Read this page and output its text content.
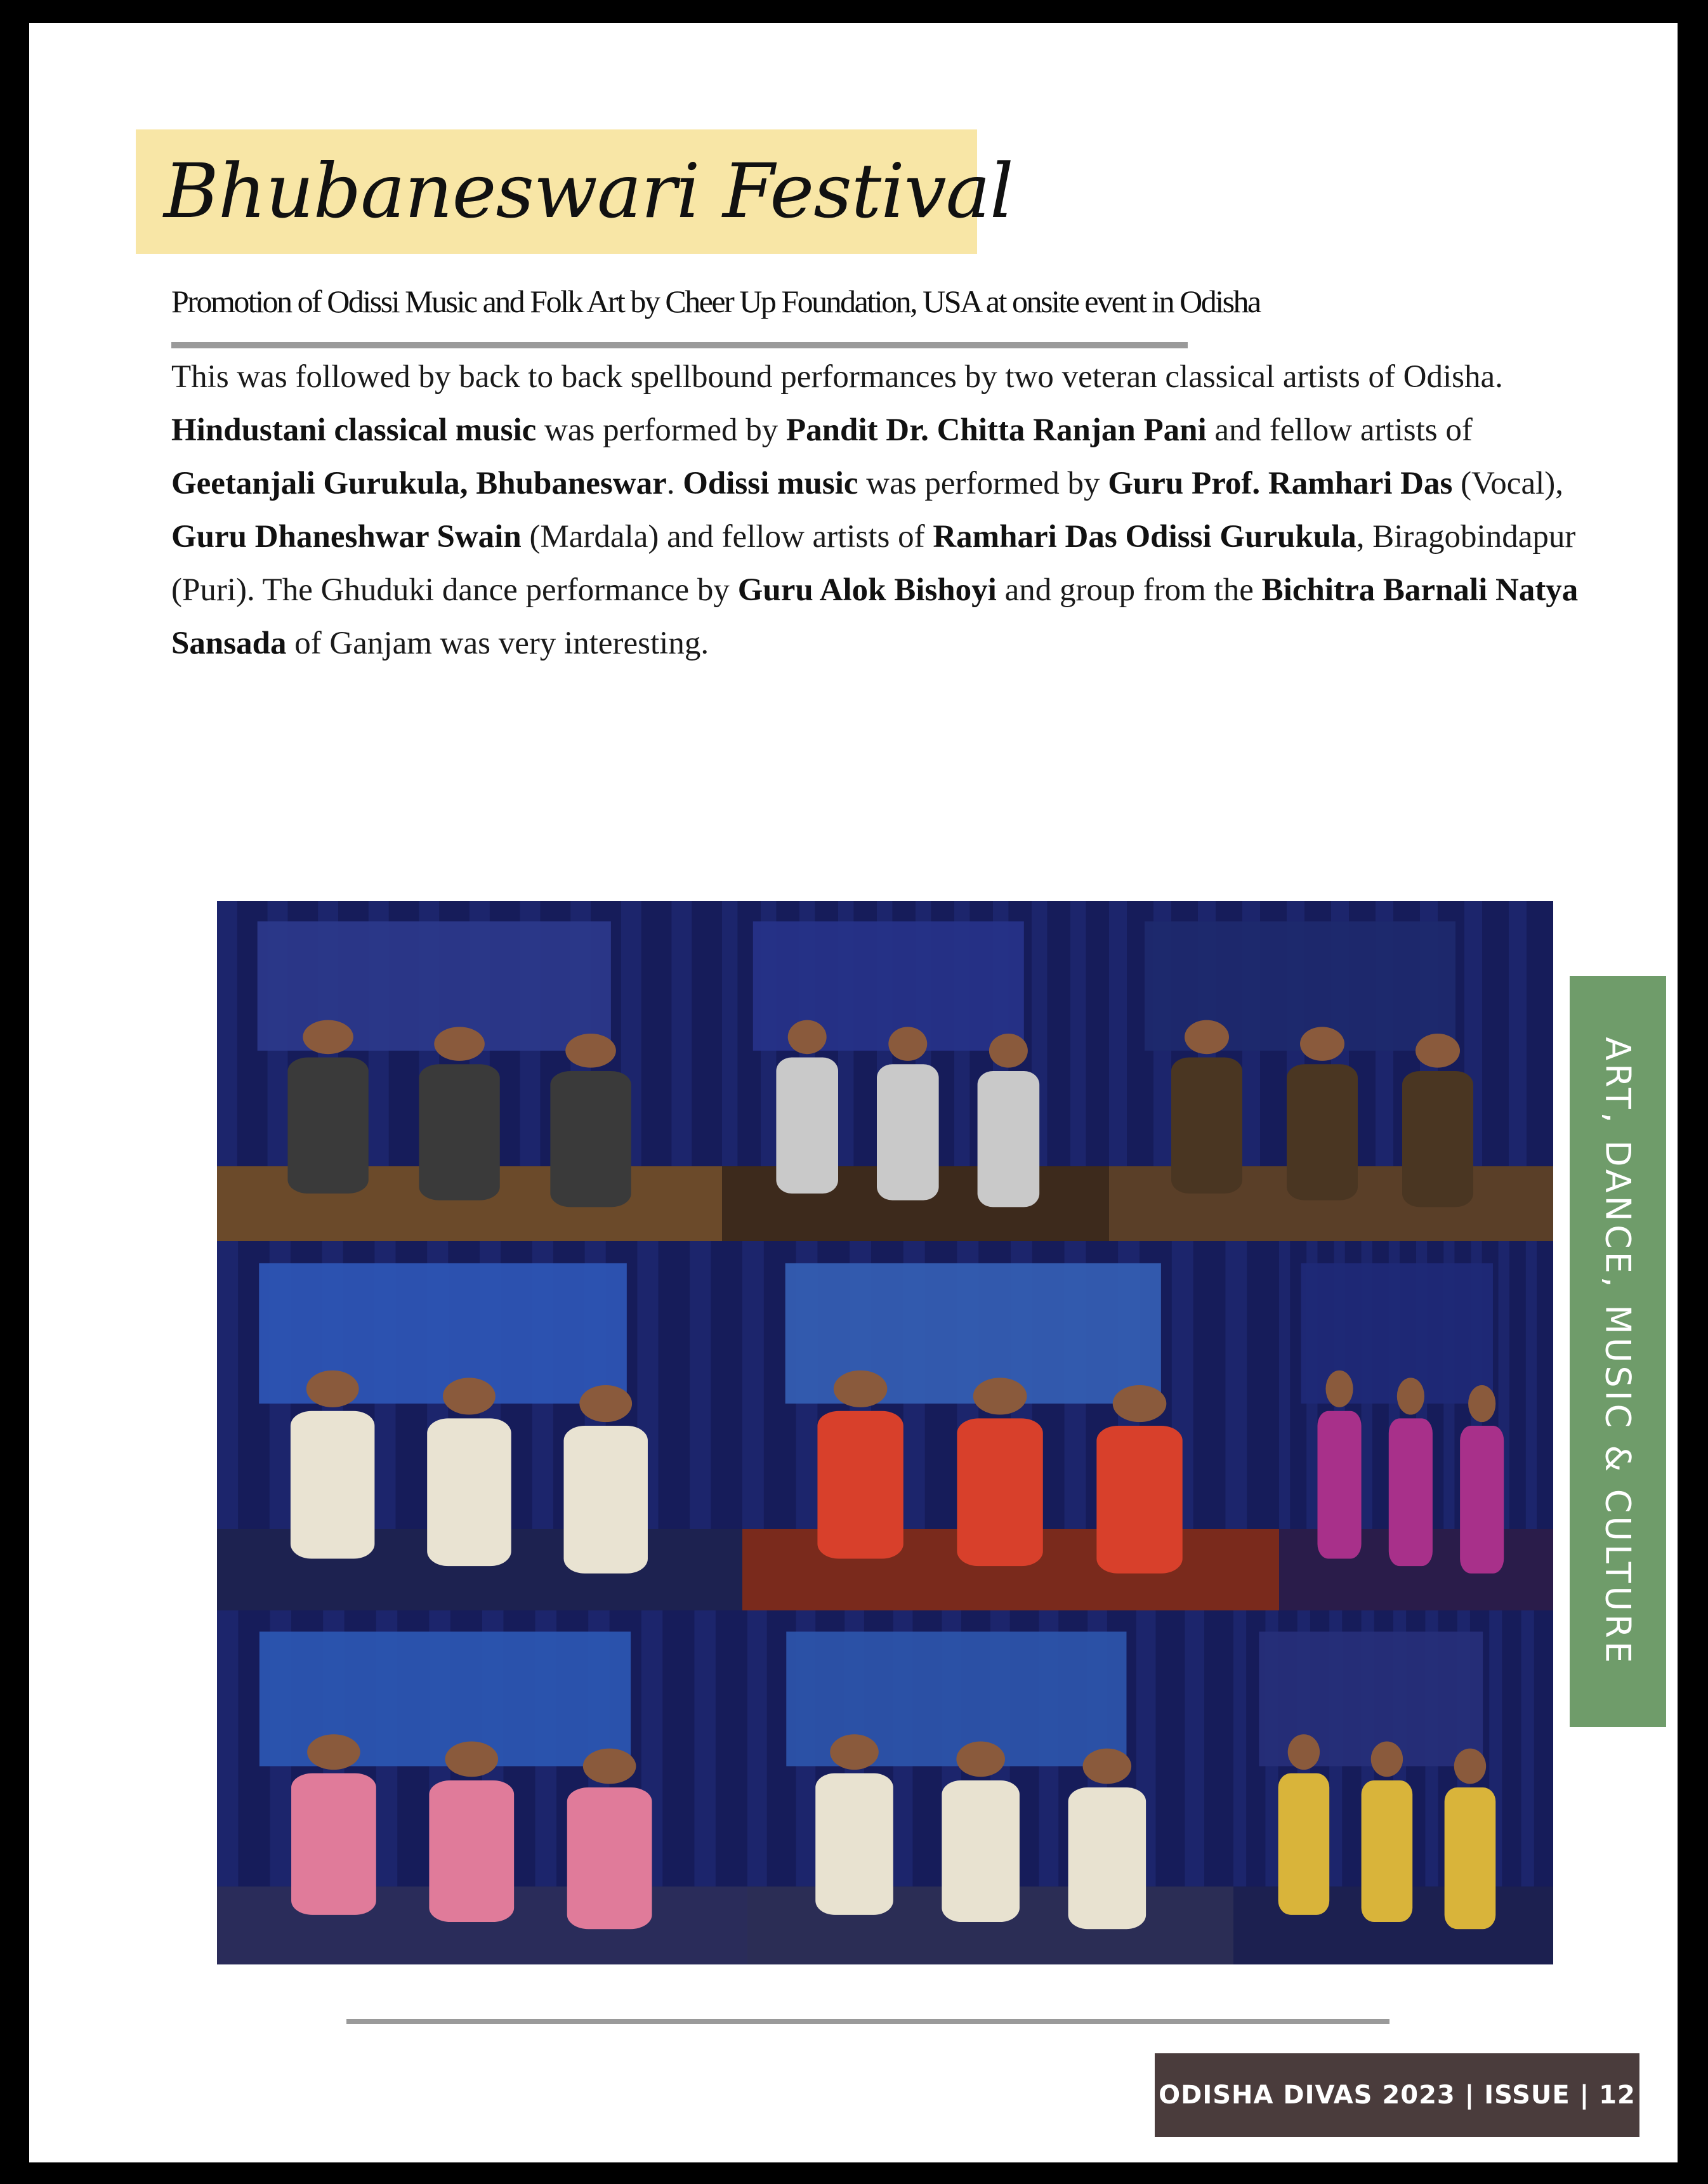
Bhubaneswari Festival
Promotion of Odissi Music and Folk Art by Cheer Up Foundation, USA at onsite event in Odisha

This was followed by back to back spellbound performances by two veteran classical artists of Odisha. Hindustani classical music was performed by Pandit Dr. Chitta Ranjan Pani and fellow artists of Geetanjali Gurukula, Bhubaneswar. Odissi music was performed by Guru Prof. Ramhari Das (Vocal), Guru Dhaneshwar Swain (Mardala) and fellow artists of Ramhari Das Odissi Gurukula, Biragobindapur (Puri). The Ghuduki dance performance by Guru Alok Bishoyi and group from the Bichitra Barnali Natya Sansada of Ganjam was very interesting.

ART, DANCE, MUSIC & CULTURE
ODISHA DIVAS 2023 | ISSUE | 12
